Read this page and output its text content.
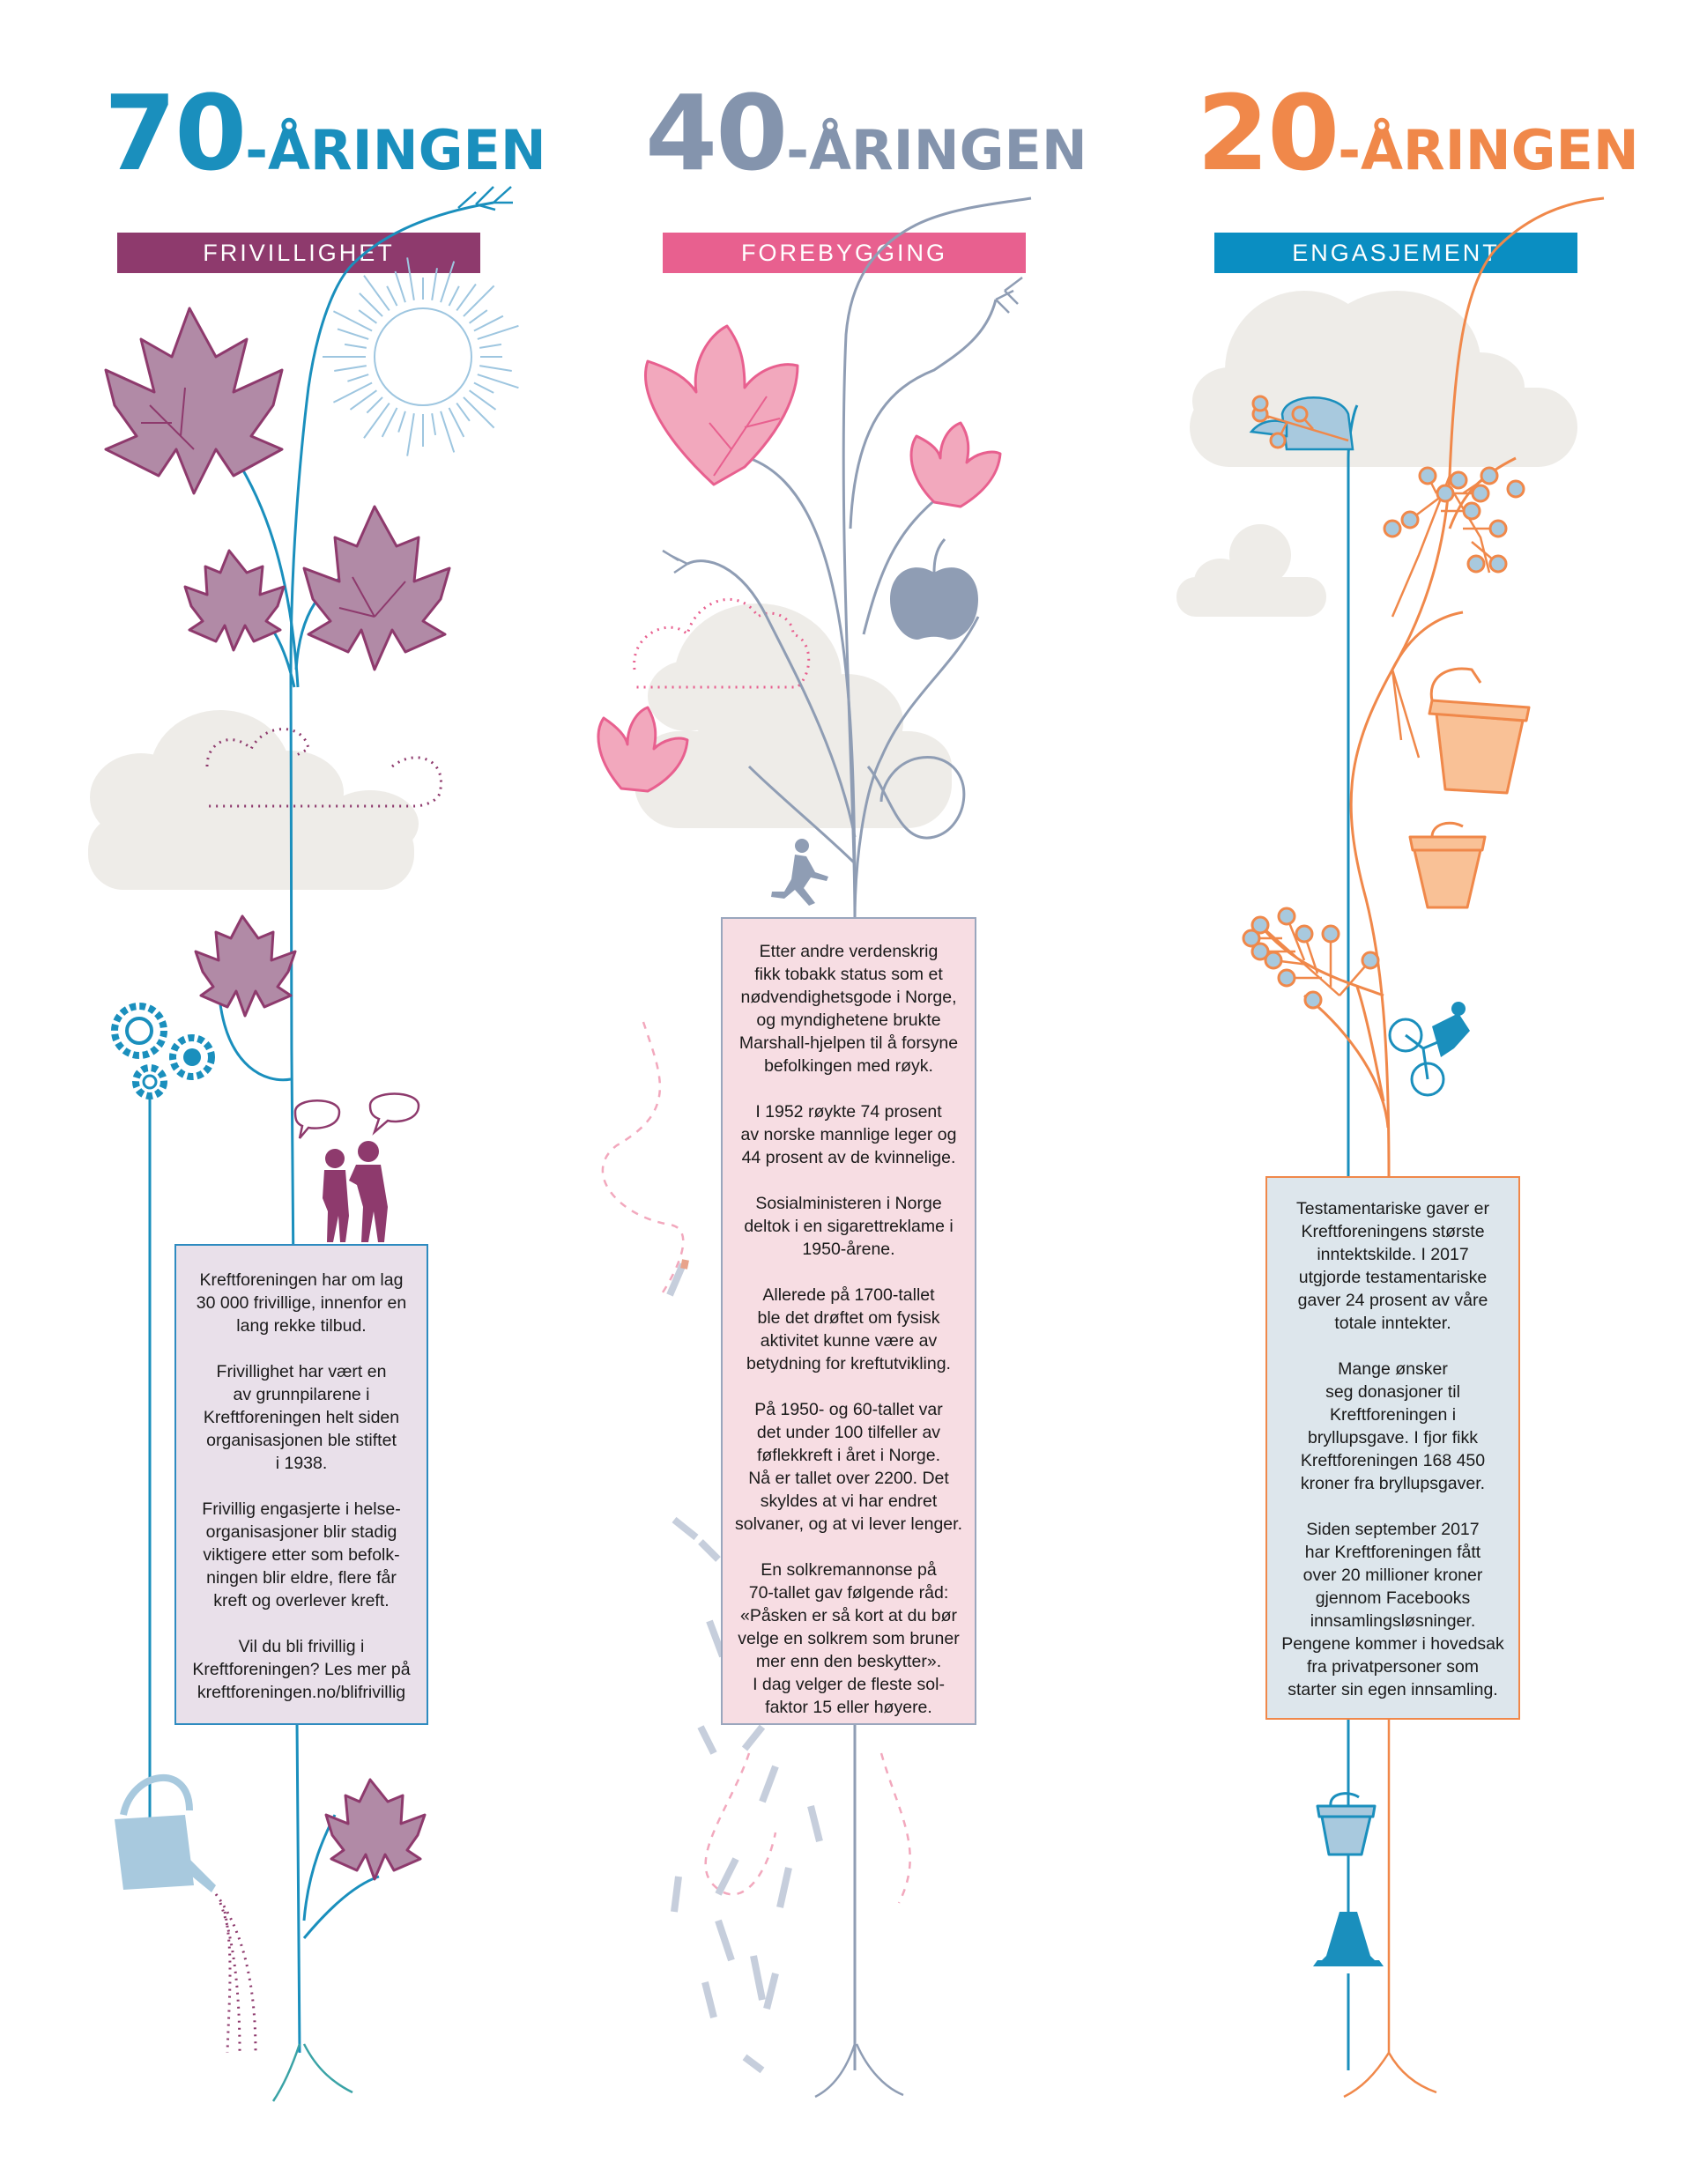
70-ÅRINGEN
FRIVILLIGHET

Kreftforeningen har om lag
30 000 frivillige, innenfor en
lang rekke tilbud.

Frivillighet har vært en
av grunnpilarene i
Kreftforeningen helt siden
organisasjonen ble stiftet
i 1938.

Frivillig engasjerte i helse-
organisasjoner blir stadig
viktigere etter som befolk-
ningen blir eldre, flere får
kreft og overlever kreft.

Vil du bli frivillig i
Kreftforeningen? Les mer på
kreftforeningen.no/blifrivillig

40-ÅRINGEN
FOREBYGGING

Etter andre verdenskrig
fikk tobakk status som et
nødvendighetsgode i Norge,
og myndighetene brukte
Marshall-hjelpen til å forsyne
befolkingen med røyk.

I 1952 røykte 74 prosent
av norske mannlige leger og
44 prosent av de kvinnelige.

Sosialministeren i Norge
deltok i en sigarettreklame i
1950-årene.

Allerede på 1700-tallet
ble det drøftet om fysisk
aktivitet kunne være av
betydning for kreftutvikling.

På 1950- og 60-tallet var
det under 100 tilfeller av
føflekkreft i året i Norge.
Nå er tallet over 2200. Det
skyldes at vi har endret
solvaner, og at vi lever lenger.

En solkremannonse på
70-tallet gav følgende råd:
«Påsken er så kort at du bør
velge en solkrem som bruner
mer enn den beskytter».
I dag velger de fleste sol-
faktor 15 eller høyere.

20-ÅRINGEN
ENGASJEMENT

Testamentariske gaver er
Kreftforeningens største
inntektskilde. I 2017
utgjorde testamentariske
gaver 24 prosent av våre
totale inntekter.

Mange ønsker
seg donasjoner til
Kreftforeningen i
bryllupsgave. I fjor fikk
Kreftforeningen 168 450
kroner fra bryllupsgaver.

Siden september 2017
har Kreftforeningen fått
over 20 millioner kroner
gjennom Facebooks
innsamlingsløsninger.
Pengene kommer i hovedsak
fra privatpersoner som
starter sin egen innsamling.
